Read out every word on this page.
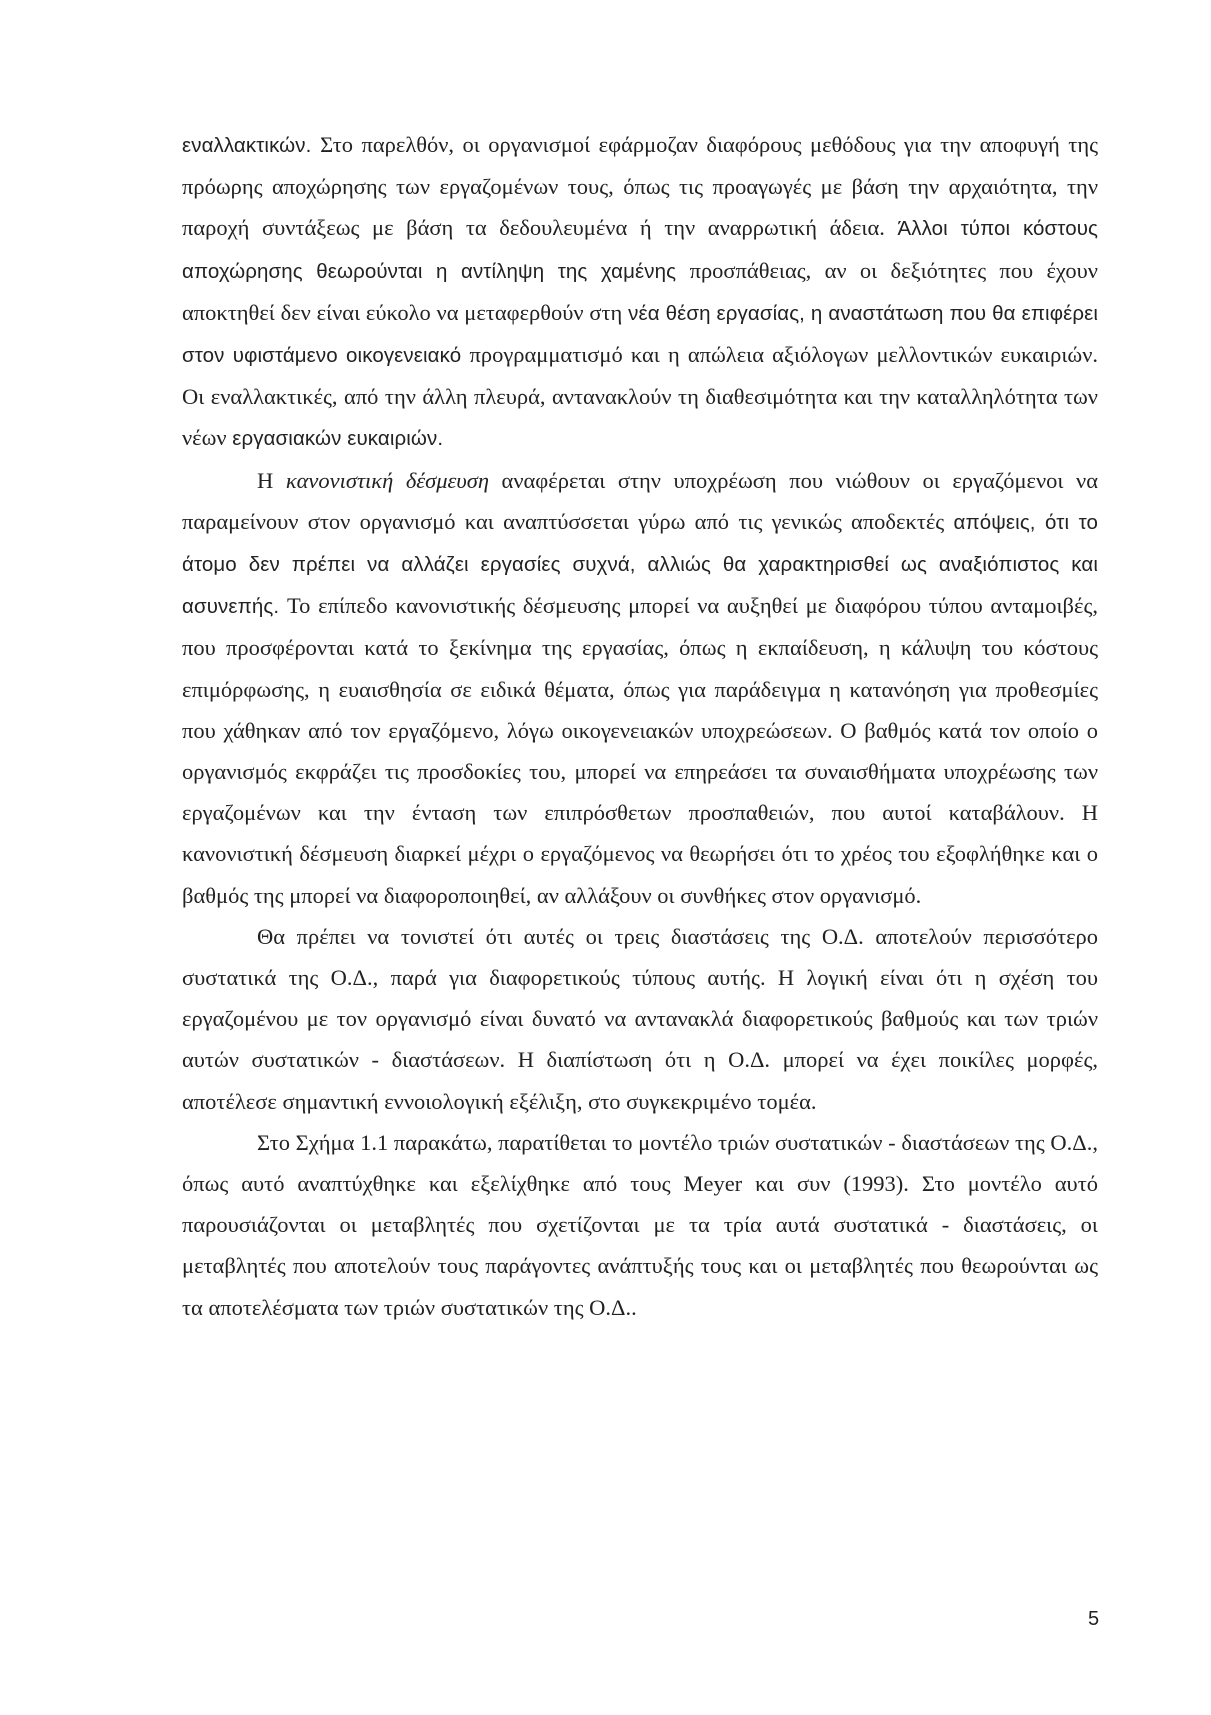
εναλλακτικών. Στο παρελθόν, οι οργανισμοί εφάρμοζαν διαφόρους μεθόδους για την αποφυγή της πρόωρης αποχώρησης των εργαζομένων τους, όπως τις προαγωγές με βάση την αρχαιότητα, την παροχή συντάξεως με βάση τα δεδουλευμένα ή την αναρρωτική άδεια. Άλλοι τύποι κόστους αποχώρησης θεωρούνται η αντίληψη της χαμένης προσπάθειας, αν οι δεξιότητες που έχουν αποκτηθεί δεν είναι εύκολο να μεταφερθούν στη νέα θέση εργασίας, η αναστάτωση που θα επιφέρει στον υφιστάμενο οικογενειακό προγραμματισμό και η απώλεια αξιόλογων μελλοντικών ευκαιριών. Οι εναλλακτικές, από την άλλη πλευρά, αντανακλούν τη διαθεσιμότητα και την καταλληλότητα των νέων εργασιακών ευκαιριών.

Η κανονιστική δέσμευση αναφέρεται στην υποχρέωση που νιώθουν οι εργαζόμενοι να παραμείνουν στον οργανισμό και αναπτύσσεται γύρω από τις γενικώς αποδεκτές απόψεις, ότι το άτομο δεν πρέπει να αλλάζει εργασίες συχνά, αλλιώς θα χαρακτηρισθεί ως αναξιόπιστος και ασυνεπής. Το επίπεδο κανονιστικής δέσμευσης μπορεί να αυξηθεί με διαφόρου τύπου ανταμοιβές, που προσφέρονται κατά το ξεκίνημα της εργασίας, όπως η εκπαίδευση, η κάλυψη του κόστους επιμόρφωσης, η ευαισθησία σε ειδικά θέματα, όπως για παράδειγμα η κατανόηση για προθεσμίες που χάθηκαν από τον εργαζόμενο, λόγω οικογενειακών υποχρεώσεων. Ο βαθμός κατά τον οποίο ο οργανισμός εκφράζει τις προσδοκίες του, μπορεί να επηρεάσει τα συναισθήματα υποχρέωσης των εργαζομένων και την ένταση των επιπρόσθετων προσπαθειών, που αυτοί καταβάλουν. Η κανονιστική δέσμευση διαρκεί μέχρι ο εργαζόμενος να θεωρήσει ότι το χρέος του εξοφλήθηκε και ο βαθμός της μπορεί να διαφοροποιηθεί, αν αλλάξουν οι συνθήκες στον οργανισμό.

Θα πρέπει να τονιστεί ότι αυτές οι τρεις διαστάσεις της Ο.Δ. αποτελούν περισσότερο συστατικά της Ο.Δ., παρά για διαφορετικούς τύπους αυτής. Η λογική είναι ότι η σχέση του εργαζομένου με τον οργανισμό είναι δυνατό να αντανακλά διαφορετικούς βαθμούς και των τριών αυτών συστατικών - διαστάσεων. Η διαπίστωση ότι η Ο.Δ. μπορεί να έχει ποικίλες μορφές, αποτέλεσε σημαντική εννοιολογική εξέλιξη, στο συγκεκριμένο τομέα.

Στο Σχήμα 1.1 παρακάτω, παρατίθεται το μοντέλο τριών συστατικών - διαστάσεων της Ο.Δ., όπως αυτό αναπτύχθηκε και εξελίχθηκε από τους Meyer και συν (1993). Στο μοντέλο αυτό παρουσιάζονται οι μεταβλητές που σχετίζονται με τα τρία αυτά συστατικά - διαστάσεις, οι μεταβλητές που αποτελούν τους παράγοντες ανάπτυξής τους και οι μεταβλητές που θεωρούνται ως τα αποτελέσματα των τριών συστατικών της Ο.Δ..

5
